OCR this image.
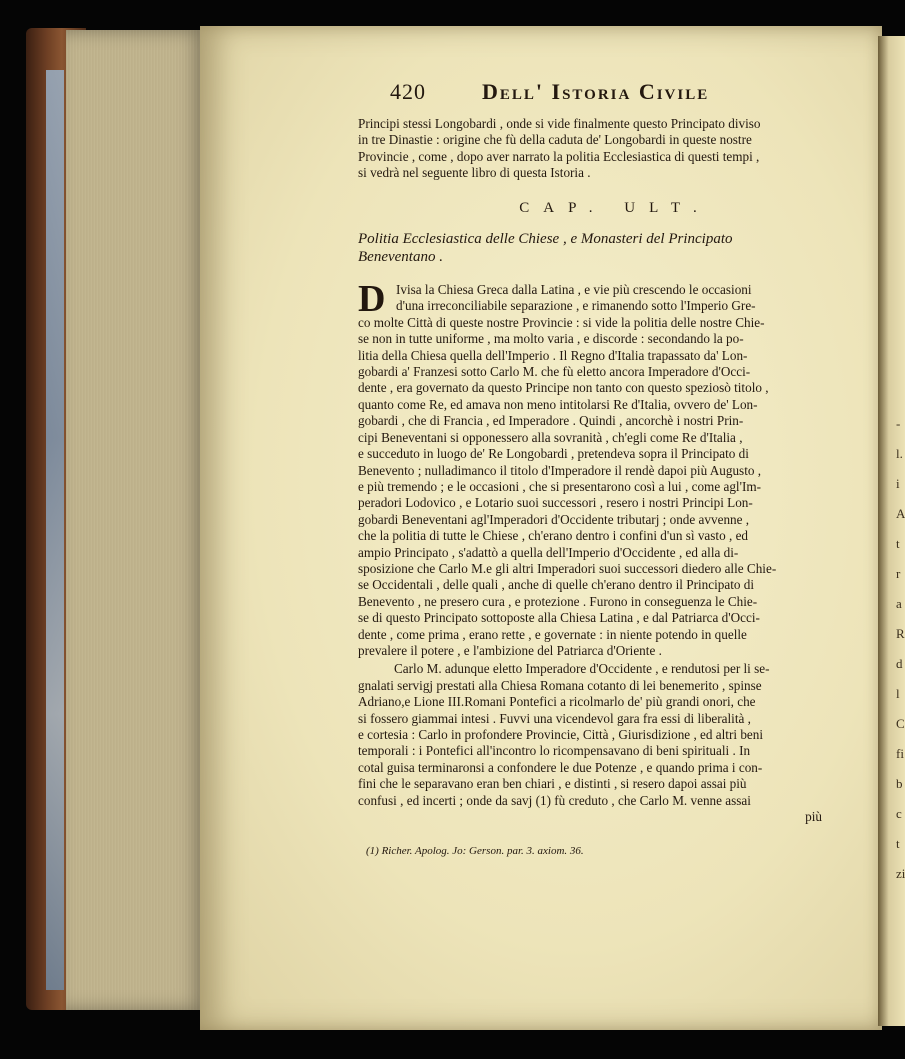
-
l.
i
A
t
r
a
R
d
l
C
fi
b
c
t
zi
420	Dell' Istoria Civile
Principi stessi Longobardi , onde si vide finalmente questo Principato diviso
in tre Dinastie : origine che fù della caduta de' Longobardi in queste nostre
Provincie , come , dopo aver narrato la politia Ecclesiastica di questi tempi ,
si vedrà nel seguente libro di questa Istoria .
CAP. ULT.
Politia Ecclesiastica delle Chiese , e Monasteri del Principato
Beneventano .
D Ivisa la Chiesa Greca dalla Latina , e vie più crescendo le occasioni
d'una irreconciliabile separazione , e rimanendo sotto l'Imperio Gre-
co molte Città di queste nostre Provincie : si vide la politia delle nostre Chie-
se non in tutte uniforme , ma molto varia , e discorde : secondando la po-
litia della Chiesa quella dell'Imperio . Il Regno d'Italia trapassato da' Lon-
gobardi a' Franzesi sotto Carlo M. che fù eletto ancora Imperadore d'Occi-
dente , era governato da questo Principe non tanto con questo speziosò titolo ,
quanto come Re, ed amava non meno intitolarsi Re d'Italia, ovvero de' Lon-
gobardi , che di Francia , ed Imperadore . Quindi , ancorchè i nostri Prin-
cipi Beneventani si opponessero alla sovranità , ch'egli come Re d'Italia ,
e succeduto in luogo de' Re Longobardi , pretendeva sopra il Principato di
Benevento ; nulladimanco il titolo d'Imperadore il rendè dapoi più Augusto ,
e più tremendo ; e le occasioni , che si presentarono così a lui , come agl'Im-
peradori Lodovico , e Lotario suoi successori , resero i nostri Principi Lon-
gobardi Beneventani agl'Imperadori d'Occidente tributarj ; onde avvenne ,
che la politia di tutte le Chiese , ch'erano dentro i confini d'un sì vasto , ed
ampio Principato , s'adattò a quella dell'Imperio d'Occidente , ed alla di-
sposizione che Carlo M.e gli altri Imperadori suoi successori diedero alle Chie-
se Occidentali , delle quali , anche di quelle ch'erano dentro il Principato di
Benevento , ne presero cura , e protezione . Furono in conseguenza le Chie-
se di questo Principato sottoposte alla Chiesa Latina , e dal Patriarca d'Occi-
dente , come prima , erano rette , e governate : in niente potendo in quelle
prevalere il potere , e l'ambizione del Patriarca d'Oriente .
Carlo M. adunque eletto Imperadore d'Occidente , e rendutosi per li se-
gnalati servigj prestati alla Chiesa Romana cotanto di lei benemerito , spinse
Adriano,e Lione III.Romani Pontefici a ricolmarlo de' più grandi onori, che
si fossero giammai intesi . Fuvvi una vicendevol gara fra essi di liberalità ,
e cortesia : Carlo in profondere Provincie, Città , Giurisdizione , ed altri beni
temporali : i Pontefici all'incontro lo ricompensavano di beni spirituali . In
cotal guisa terminaronsi a confondere le due Potenze , e quando prima i con-
fini che le separavano eran ben chiari , e distinti , si resero dapoi assai più
confusi , ed incerti ; onde da savj (1) fù creduto , che Carlo M. venne assai
più
(1) Richer. Apolog. Jo: Gerson. par. 3. axiom. 36.
